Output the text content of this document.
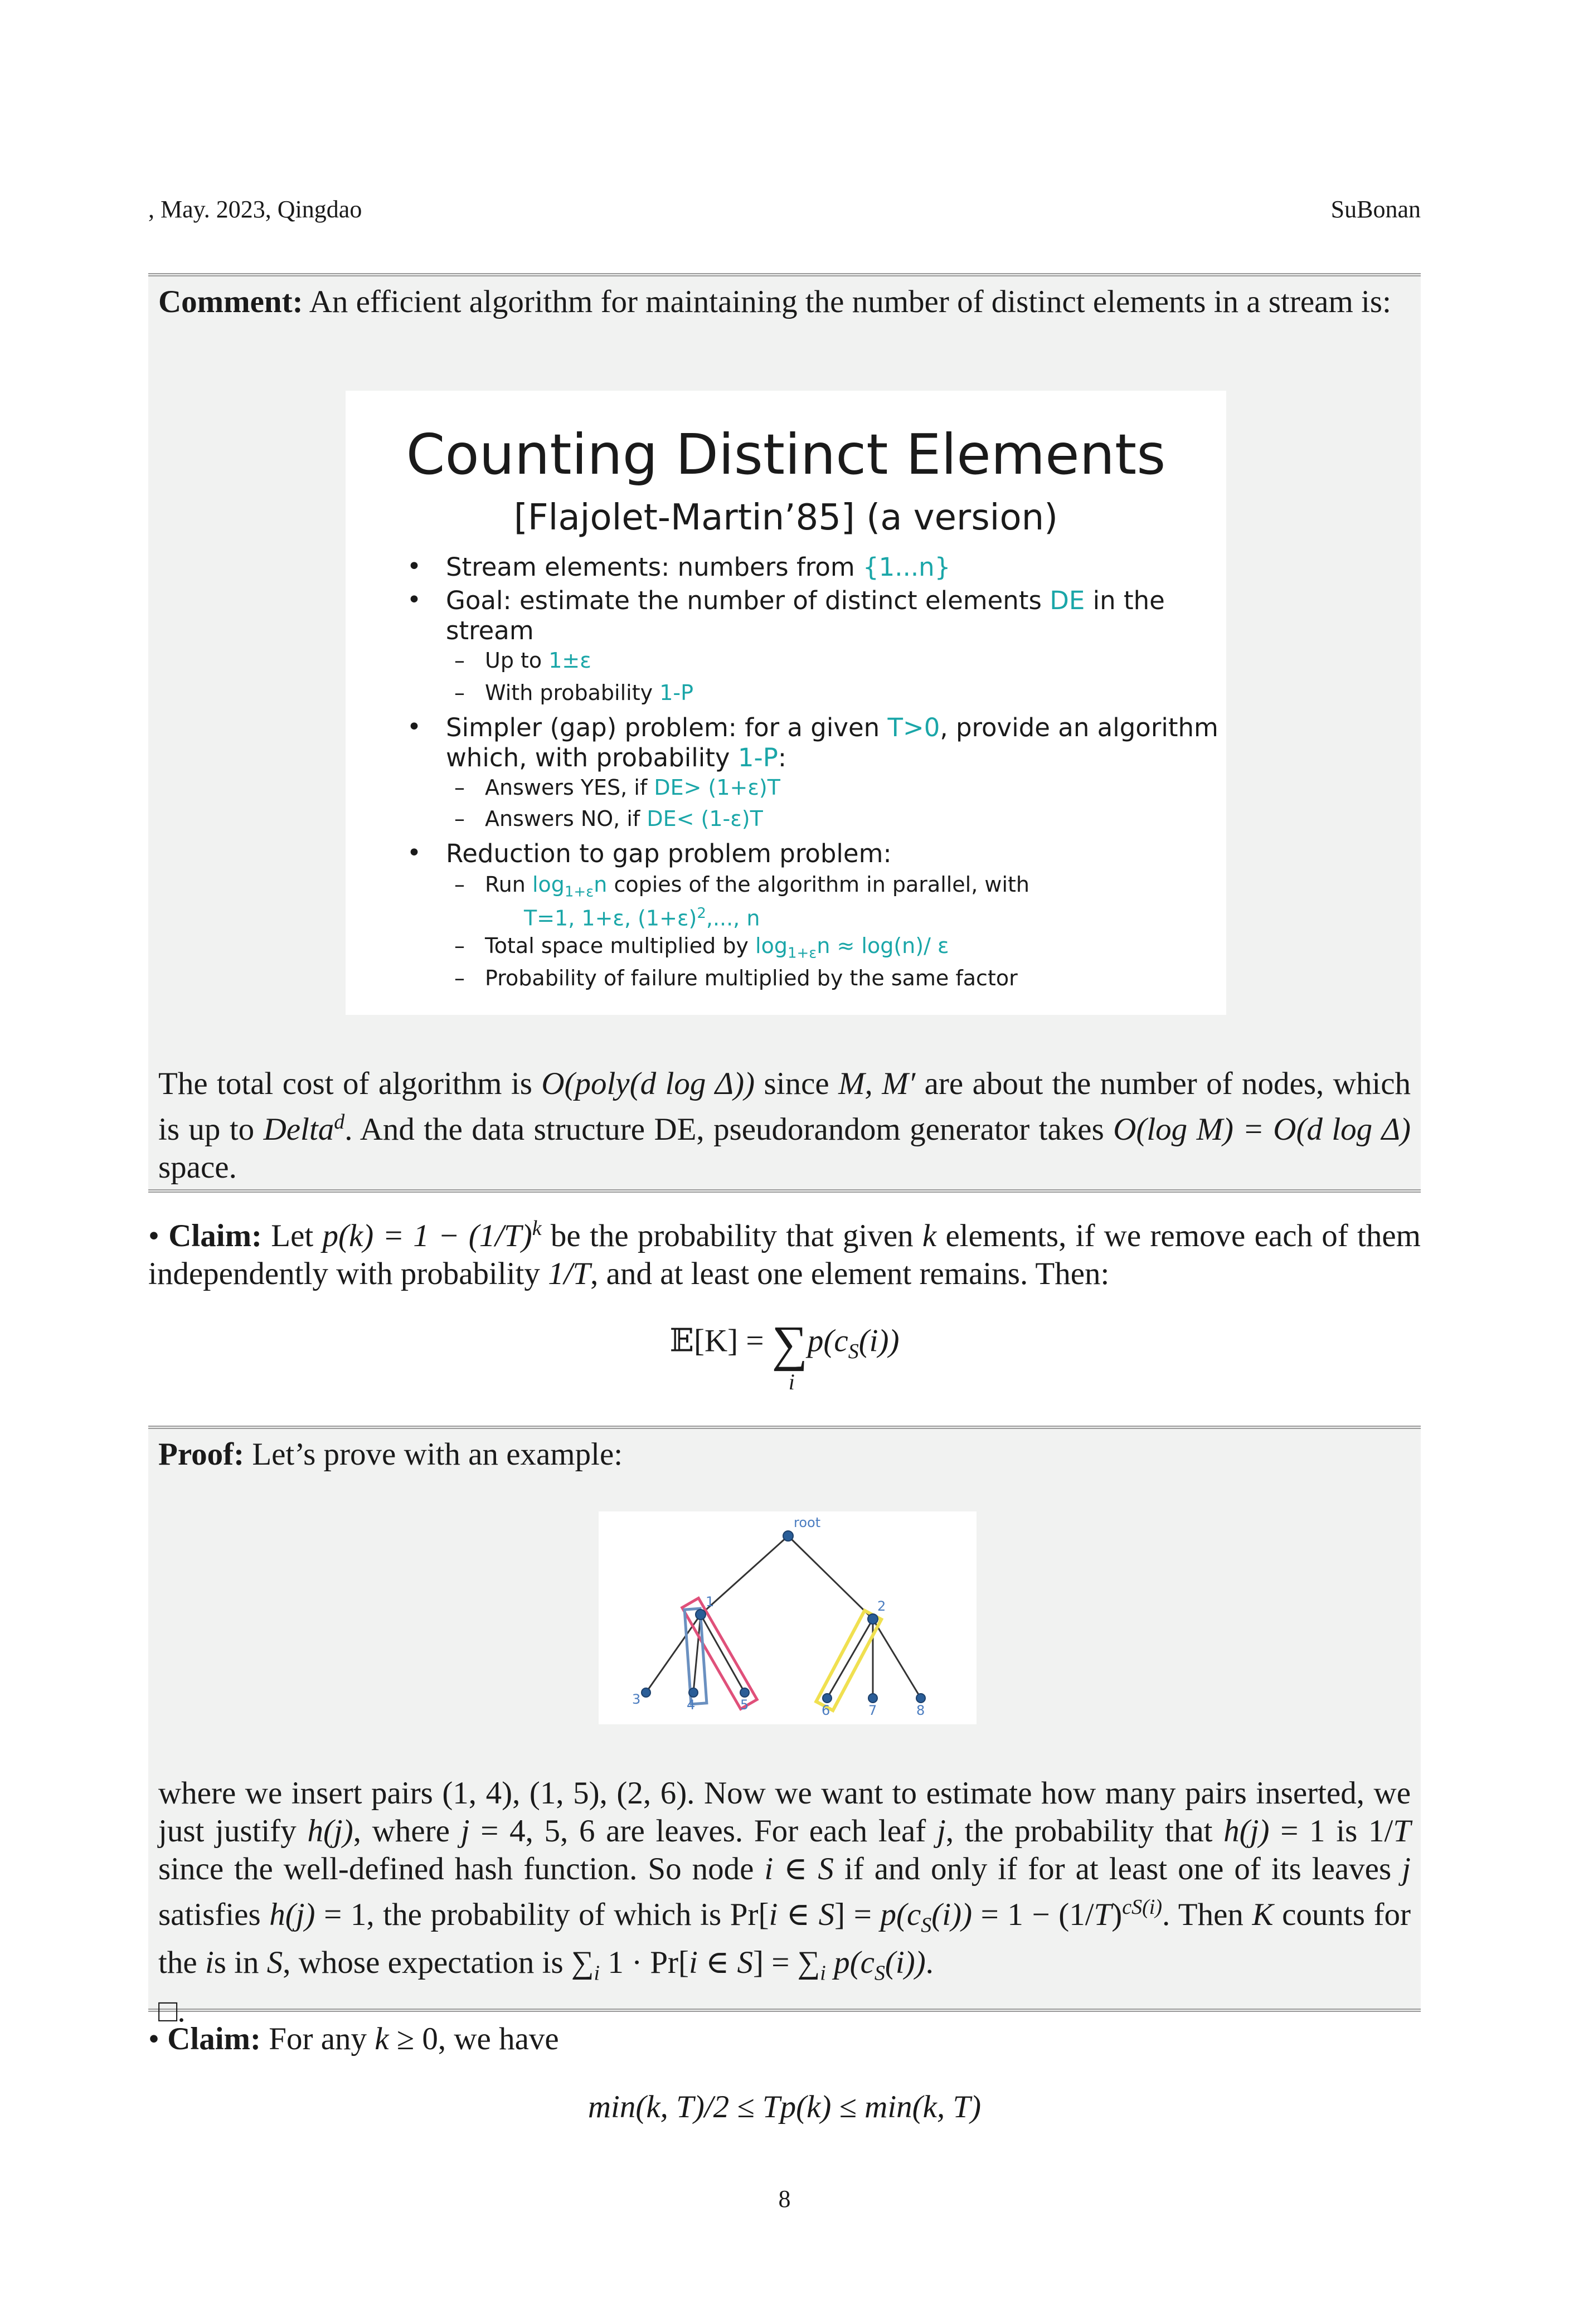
, May. 2023, Qingdao	SuBonan
Comment: An efficient algorithm for maintaining the number of distinct elements in a stream is:
Counting Distinct Elements
[Flajolet-Martin’85] (a version)
• Stream elements: numbers from {1...n}
• Goal: estimate the number of distinct elements DE in the
stream
– Up to 1±ε
– With probability 1-P
• Simpler (gap) problem: for a given T>0, provide an algorithm
which, with probability 1-P:
– Answers YES, if DE> (1+ε)T
– Answers NO, if DE< (1-ε)T
• Reduction to gap problem problem:
– Run $\log_{1+\varepsilon}n$ copies of the algorithm in parallel, with
T=1, 1+ε, $(1+\varepsilon)^2$,..., n
– Total space multiplied by $\log_{1+\varepsilon}n \approx \log(n)/$ ε
– Probability of failure multiplied by the same factor
The total cost of algorithm is O(poly(d log Δ)) since M, M′ are about the number of nodes, which is up to Delta$^d$. And the data structure DE, pseudorandom generator takes O(log M) = O(d log Δ) space.
• Claim: Let $p(k) = 1 - (1/T)^k$ be the probability that given k elements, if we remove each of them independently with probability 1/T, and at least one element remains. Then:
𝔼[K] = ∑
i
$p(c_S(i))$
Proof: Let’s prove with an example:
root
1	2
3	4	5	6	7	8
where we insert pairs (1, 4), (1, 5), (2, 6). Now we want to estimate how many pairs inserted, we just justify h(j), where j = 4, 5, 6 are leaves. For each leaf j, the probability that h(j) = 1 is 1/T since the well-defined hash function. So node i ∈ S if and only if for at least one of its leaves j satisfies h(j) = 1, the probability of which is Pr[i ∈ $S] = p(c_S(i)) = 1 - (1/T)^{cS(i)}$. Then K counts for the is in S, whose expectation is $\sum_i$ 1 · Pr[i ∈ $S] = \sum_i$ $p(c_S(i))$.
□.
• Claim: For any k ≥ 0, we have
min(k, T)/2 ≤ Tp(k) ≤ min(k, T)
8
